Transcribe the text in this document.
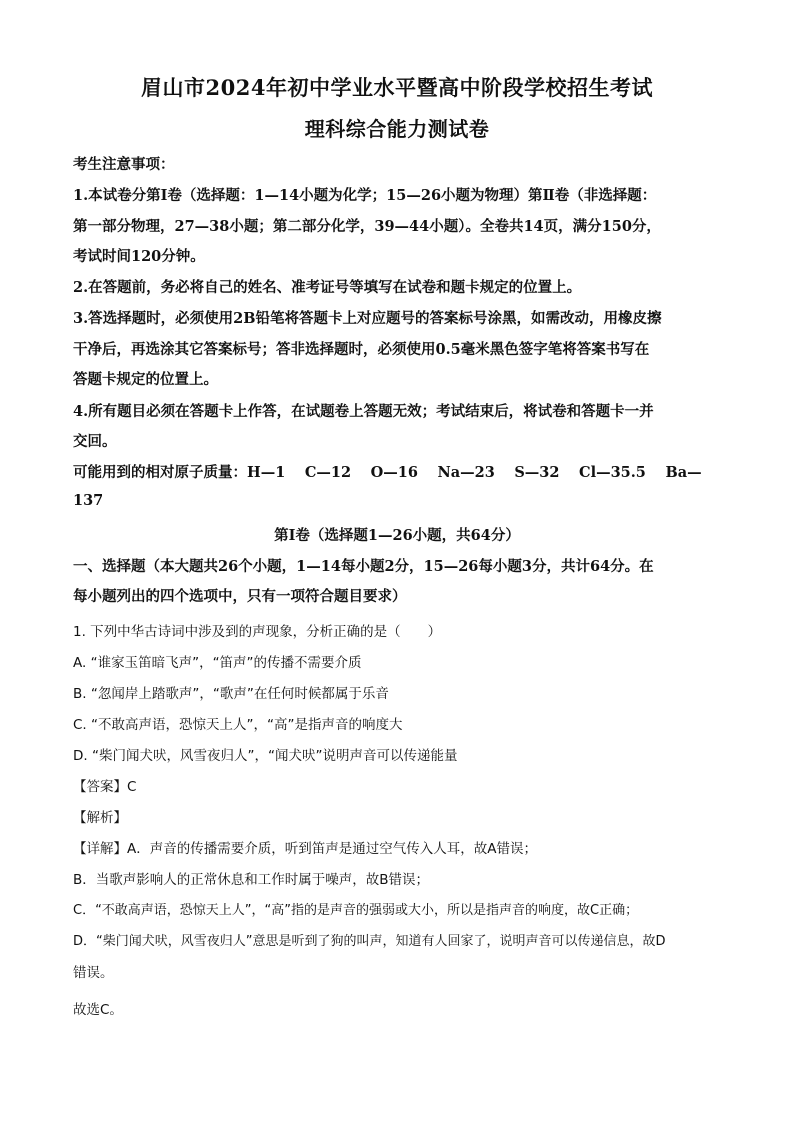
眉山市2024年初中学业水平暨高中阶段学校招生考试
理科综合能力测试卷
考生注意事项：
1.本试卷分第Ⅰ卷（选择题：1—14小题为化学；15—26小题为物理）第Ⅱ卷（非选择题：
第一部分物理，27—38小题；第二部分化学，39—44小题）。全卷共14页，满分150分，
考试时间120分钟。
2.在答题前，务必将自己的姓名、准考证号等填写在试卷和题卡规定的位置上。
3.答选择题时，必须使用2B铅笔将答题卡上对应题号的答案标号涂黑，如需改动，用橡皮擦
干净后，再选涂其它答案标号；答非选择题时，必须使用0.5毫米黑色签字笔将答案书写在
答题卡规定的位置上。
4.所有题目必须在答题卡上作答，在试题卷上答题无效；考试结束后，将试卷和答题卡一并
交回。
可能用到的相对原子质量：H—1　 C—12　 O—16　 Na—23　 S—32　 Cl—35.5　 Ba—
137
第Ⅰ卷（选择题1—26小题，共64分）
一、选择题（本大题共26个小题，1—14每小题2分，15—26每小题3分，共计64分。在
每小题列出的四个选项中，只有一项符合题目要求）
1. 下列中华古诗词中涉及到的声现象，分析正确的是（　　）
A. “谁家玉笛暗飞声”，“笛声”的传播不需要介质
B. “忽闻岸上踏歌声”，“歌声”在任何时候都属于乐音
C. “不敢高声语，恐惊天上人”，“高”是指声音的响度大
D. “柴门闻犬吠，风雪夜归人”，“闻犬吠”说明声音可以传递能量
【答案】C
【解析】
【详解】A．声音的传播需要介质，听到笛声是通过空气传入人耳，故A错误；
B．当歌声影响人的正常休息和工作时属于噪声，故B错误；
C．“不敢高声语，恐惊天上人”，“高”指的是声音的强弱或大小，所以是指声音的响度，故C正确；
D．“柴门闻犬吠，风雪夜归人”意思是听到了狗的叫声，知道有人回家了，说明声音可以传递信息，故D
错误。
故选C。
